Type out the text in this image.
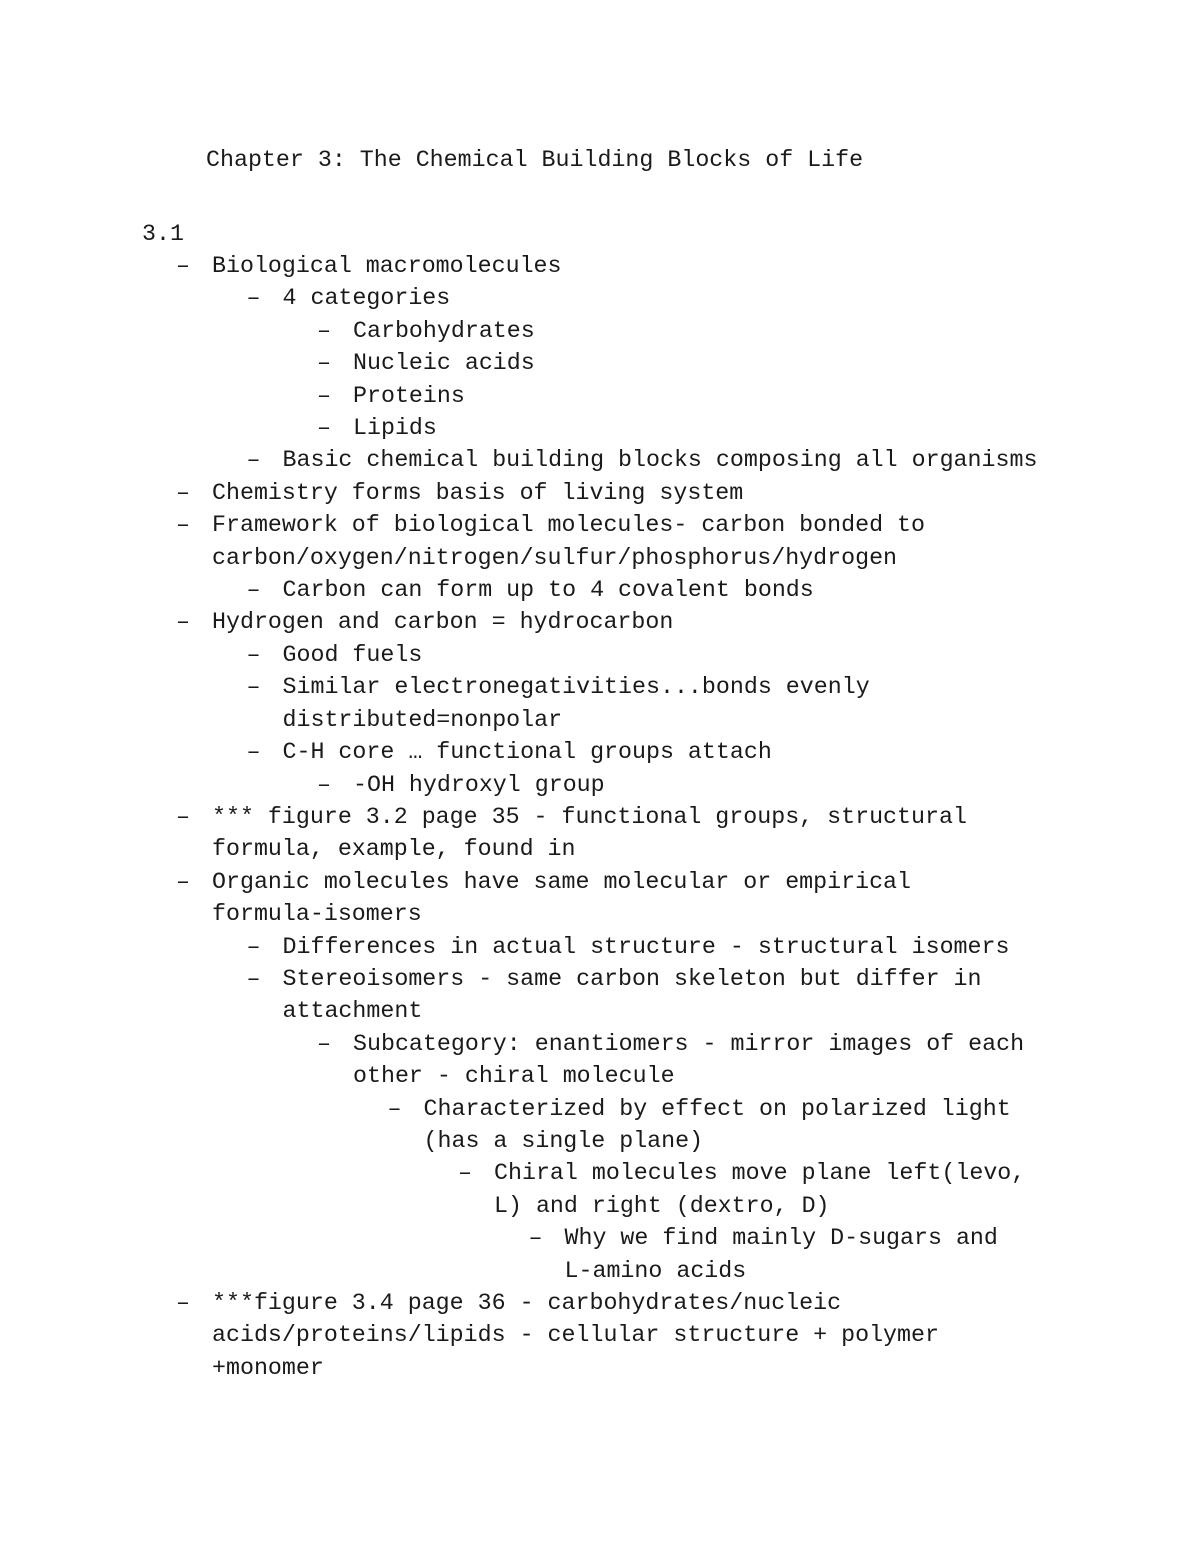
Chapter 3: The Chemical Building Blocks of Life
3.1
– Biological macromolecules
– 4 categories
– Carbohydrates
– Nucleic acids
– Proteins
– Lipids
– Basic chemical building blocks composing all organisms
– Chemistry forms basis of living system
– Framework of biological molecules- carbon bonded to
carbon/oxygen/nitrogen/sulfur/phosphorus/hydrogen
– Carbon can form up to 4 covalent bonds
– Hydrogen and carbon = hydrocarbon
– Good fuels
– Similar electronegativities...bonds evenly
distributed=nonpolar
– C-H core … functional groups attach
– -OH hydroxyl group
– *** figure 3.2 page 35 - functional groups, structural
formula, example, found in
– Organic molecules have same molecular or empirical
formula-isomers
– Differences in actual structure - structural isomers
– Stereoisomers - same carbon skeleton but differ in
attachment
– Subcategory: enantiomers - mirror images of each
other - chiral molecule
– Characterized by effect on polarized light
(has a single plane)
– Chiral molecules move plane left(levo,
L) and right (dextro, D)
– Why we find mainly D-sugars and
L-amino acids
– ***figure 3.4 page 36 - carbohydrates/nucleic
acids/proteins/lipids - cellular structure + polymer
+monomer
